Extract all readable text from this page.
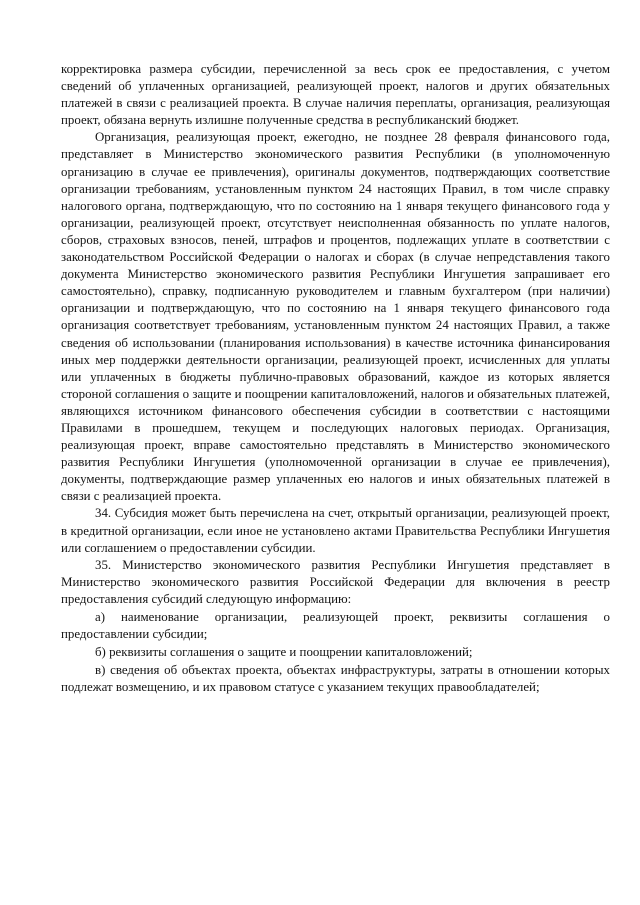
корректировка размера субсидии, перечисленной за весь срок ее предоставления, с учетом сведений об уплаченных организацией, реализующей проект, налогов и других обязательных платежей в связи с реализацией проекта. В случае наличия переплаты, организация, реализующая проект, обязана вернуть излишне полученные средства в республиканский бюджет.

Организация, реализующая проект, ежегодно, не позднее 28 февраля финансового года, представляет в Министерство экономического развития Республики (в уполномоченную организацию в случае ее привлечения), оригиналы документов, подтверждающих соответствие организации требованиям, установленным пунктом 24 настоящих Правил, в том числе справку налогового органа, подтверждающую, что по состоянию на 1 января текущего финансового года у организации, реализующей проект, отсутствует неисполненная обязанность по уплате налогов, сборов, страховых взносов, пеней, штрафов и процентов, подлежащих уплате в соответствии с законодательством Российской Федерации о налогах и сборах (в случае непредставления такого документа Министерство экономического развития Республики Ингушетия запрашивает его самостоятельно), справку, подписанную руководителем и главным бухгалтером (при наличии) организации и подтверждающую, что по состоянию на 1 января текущего финансового года организация соответствует требованиям, установленным пунктом 24 настоящих Правил, а также сведения об использовании (планирования использования) в качестве источника финансирования иных мер поддержки деятельности организации, реализующей проект, исчисленных для уплаты или уплаченных в бюджеты публично-правовых образований, каждое из которых является стороной соглашения о защите и поощрении капиталовложений, налогов и обязательных платежей, являющихся источником финансового обеспечения субсидии в соответствии с настоящими Правилами в прошедшем, текущем и последующих налоговых периодах. Организация, реализующая проект, вправе самостоятельно представлять в Министерство экономического развития Республики Ингушетия (уполномоченной организации в случае ее привлечения), документы, подтверждающие размер уплаченных ею налогов и иных обязательных платежей в связи с реализацией проекта.

34. Субсидия может быть перечислена на счет, открытый организации, реализующей проект, в кредитной организации, если иное не установлено актами Правительства Республики Ингушетия или соглашением о предоставлении субсидии.

35. Министерство экономического развития Республики Ингушетия представляет в Министерство экономического развития Российской Федерации для включения в реестр предоставления субсидий следующую информацию:

а) наименование организации, реализующей проект, реквизиты соглашения о предоставлении субсидии;

б) реквизиты соглашения о защите и поощрении капиталовложений;

в) сведения об объектах проекта, объектах инфраструктуры, затраты в отношении которых подлежат возмещению, и их правовом статусе с указанием текущих правообладателей;
